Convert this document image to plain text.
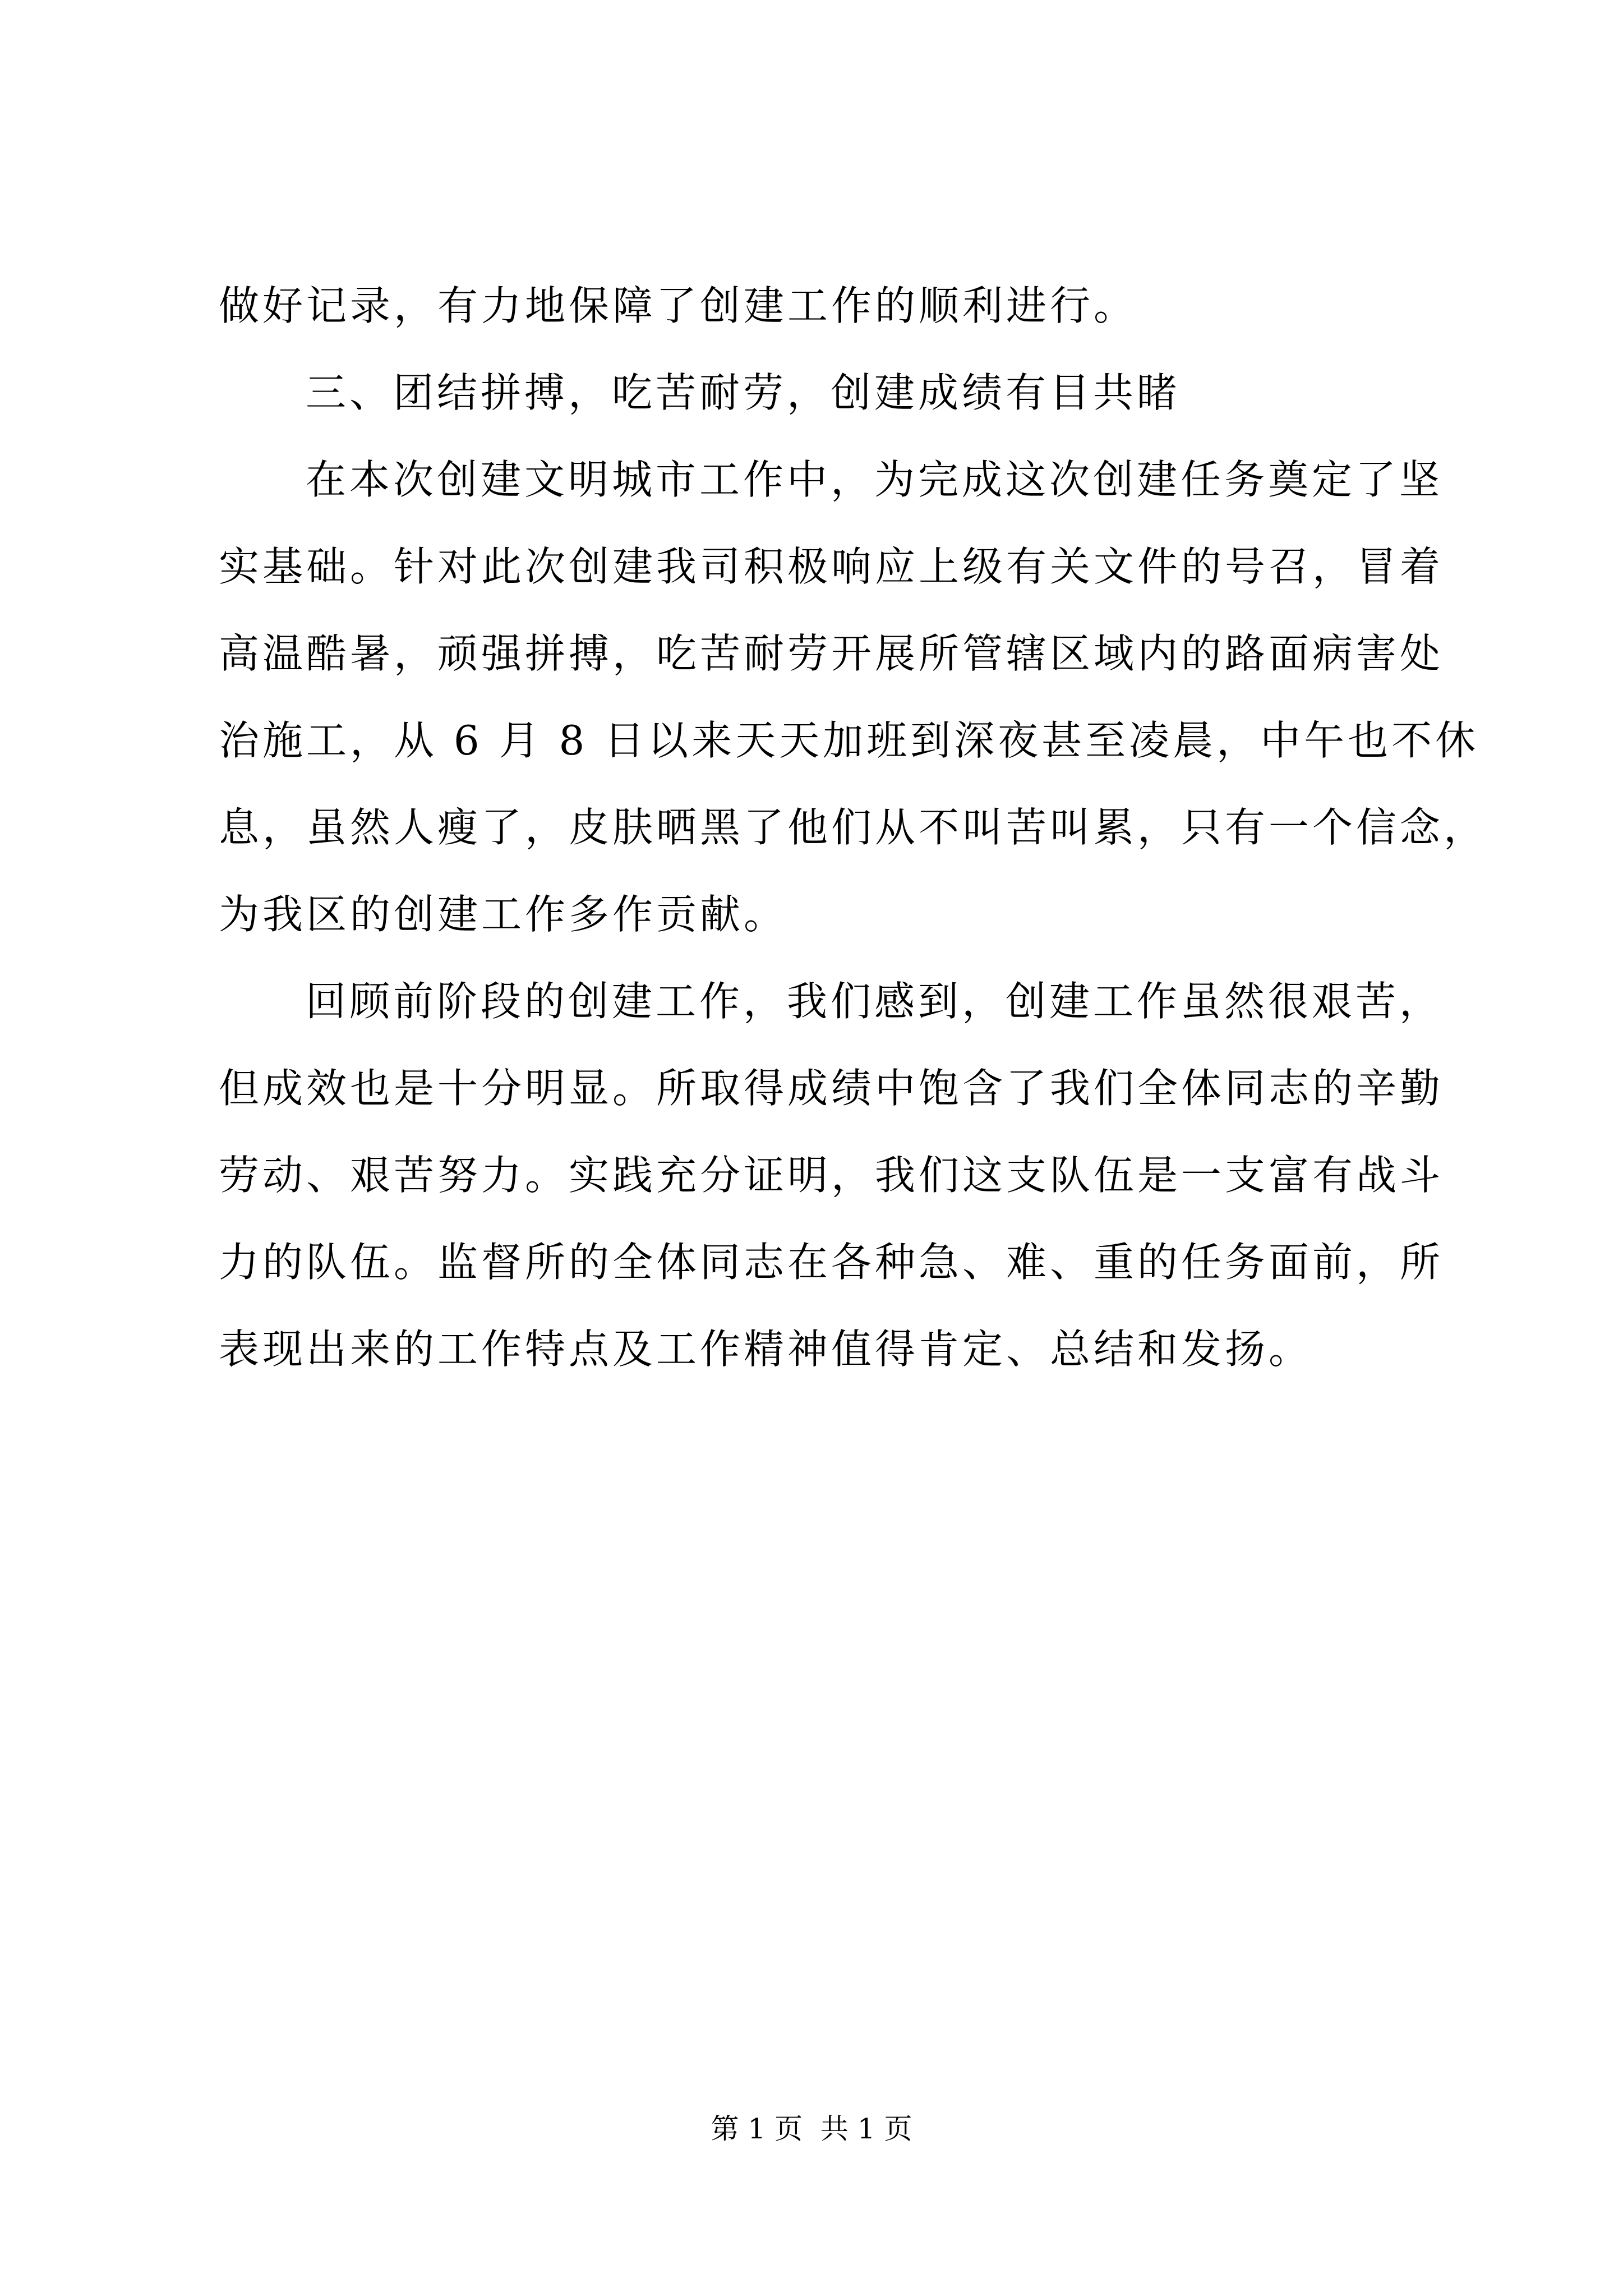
做好记录，有力地保障了创建工作的顺利进行。
三、团结拼搏，吃苦耐劳，创建成绩有目共睹
在本次创建文明城市工作中，为完成这次创建任务奠定了坚
实基础。针对此次创建我司积极响应上级有关文件的号召，冒着
高温酷暑，顽强拼搏，吃苦耐劳开展所管辖区域内的路面病害处
治施工，从 6 月 8 日以来天天加班到深夜甚至凌晨，中午也不休
息，虽然人瘦了，皮肤晒黑了他们从不叫苦叫累，只有一个信念，
为我区的创建工作多作贡献。
回顾前阶段的创建工作，我们感到，创建工作虽然很艰苦，
但成效也是十分明显。所取得成绩中饱含了我们全体同志的辛勤
劳动、艰苦努力。实践充分证明，我们这支队伍是一支富有战斗
力的队伍。监督所的全体同志在各种急、难、重的任务面前，所
表现出来的工作特点及工作精神值得肯定、总结和发扬。
第 1 页  共 1 页
